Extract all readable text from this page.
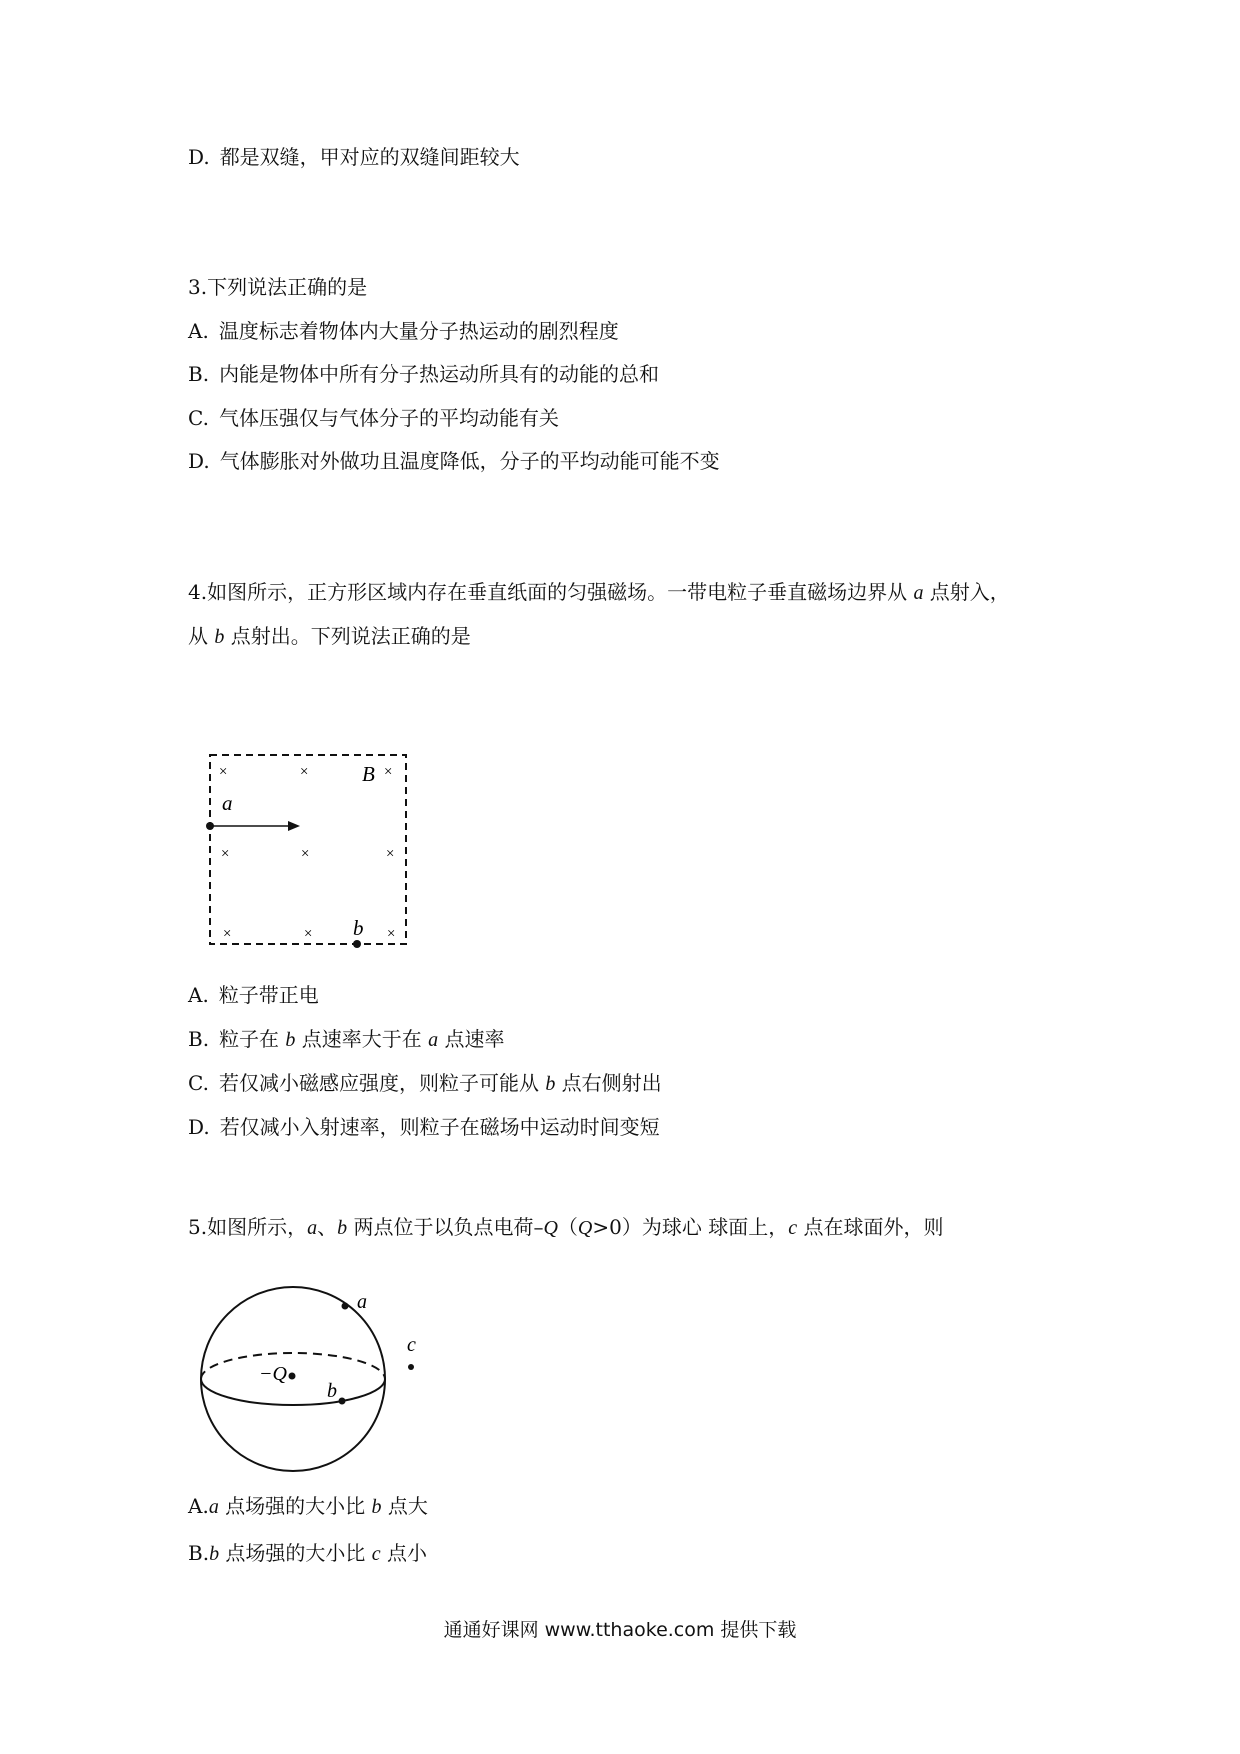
D. 都是双缝，甲对应的双缝间距较大
3.下列说法正确的是
A. 温度标志着物体内大量分子热运动的剧烈程度
B. 内能是物体中所有分子热运动所具有的动能的总和
C. 气体压强仅与气体分子的平均动能有关
D. 气体膨胀对外做功且温度降低，分子的平均动能可能不变
4.如图所示，正方形区域内存在垂直纸面的匀强磁场。一带电粒子垂直磁场边界从 a 点射入，
从 b 点射出。下列说法正确的是
×	×	×
B
a
×	×	×
×	× b ×
A. 粒子带正电
B. 粒子在 b 点速率大于在 a 点速率
C. 若仅减小磁感应强度，则粒子可能从 b 点右侧射出
D. 若仅减小入射速率，则粒子在磁场中运动时间变短
5.如图所示，a、b 两点位于以负点电荷–Q（Q>0）为球心 球面上，c 点在球面外，则
a
−Q
b
c
A.a 点场强的大小比 b 点大
B.b 点场强的大小比 c 点小
通通好课网 www.tthaoke.com 提供下载
